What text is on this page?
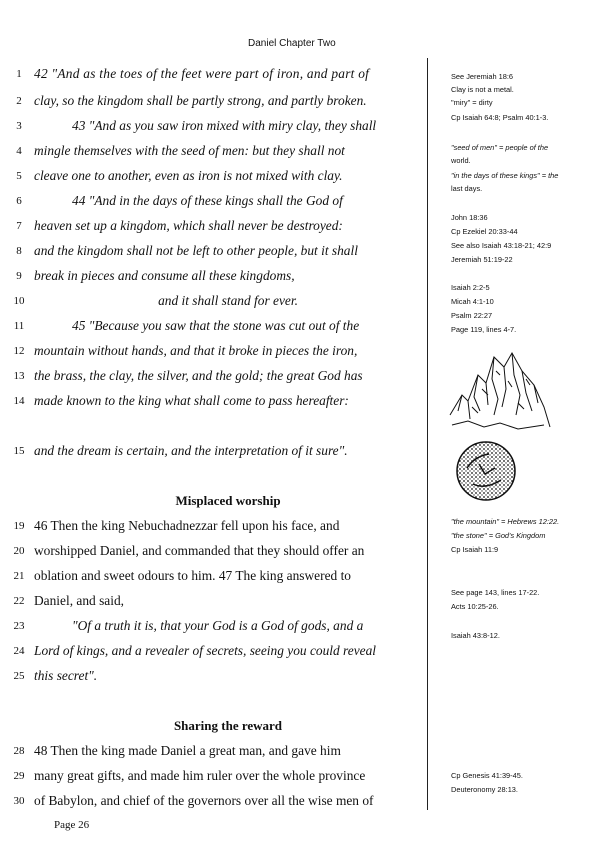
Daniel Chapter Two
1 42 "And as the toes of the feet were part of iron, and part of
2 clay, so the kingdom shall be partly strong, and partly broken.
3	43 "And as you saw iron mixed with miry clay, they shall
4 mingle themselves with the seed of men: but they shall not
5 cleave one to another, even as iron is not mixed with clay.
6	44 "And in the days of these kings shall the God of
7 heaven set up a kingdom, which shall never be destroyed:
8 and the kingdom shall not be left to other people, but it shall
9 break in pieces and consume all these kingdoms,
10	and it shall stand for ever.
11	45 "Because you saw that the stone was cut out of the
12 mountain without hands, and that it broke in pieces the iron,
13 the brass, the clay, the silver, and the gold; the great God has
14 made known to the king what shall come to pass hereafter:
15 and the dream is certain, and the interpretation of it sure".
Misplaced worship
19 46 Then the king Nebuchadnezzar fell upon his face, and
20 worshipped Daniel, and commanded that they should offer an
21 oblation and sweet odours to him. 47 The king answered to
22 Daniel, and said,
23	"Of a truth it is, that your God is a God of gods, and a
24 Lord of kings, and a revealer of secrets, seeing you could reveal
25 this secret".
Sharing the reward
28 48 Then the king made Daniel a great man, and gave him
29 many great gifts, and made him ruler over the whole province
30 of Babylon, and chief of the governors over all the wise men of
See Jeremiah 18:6
Clay is not a metal.
"miry" = dirty
Cp Isaiah 64:8; Psalm 40:1-3.
"seed of men" = people of the
world.
"in the days of these kings" = the
last days.
John 18:36
Cp Ezekiel 20:33-44
See also Isaiah 43:18-21; 42:9
Jeremiah 51:19-22
Isaiah 2:2-5
Micah 4:1-10
Psalm 22:27
Page 119, lines 4-7.
"the mountain" = Hebrews 12:22.
"the stone" = God's Kingdom
Cp Isaiah 11:9
See page 143, lines 17-22.
Acts 10:25-26.
Isaiah 43:8-12.
Cp Genesis 41:39-45.
Deuteronomy 28:13.
Page 26
